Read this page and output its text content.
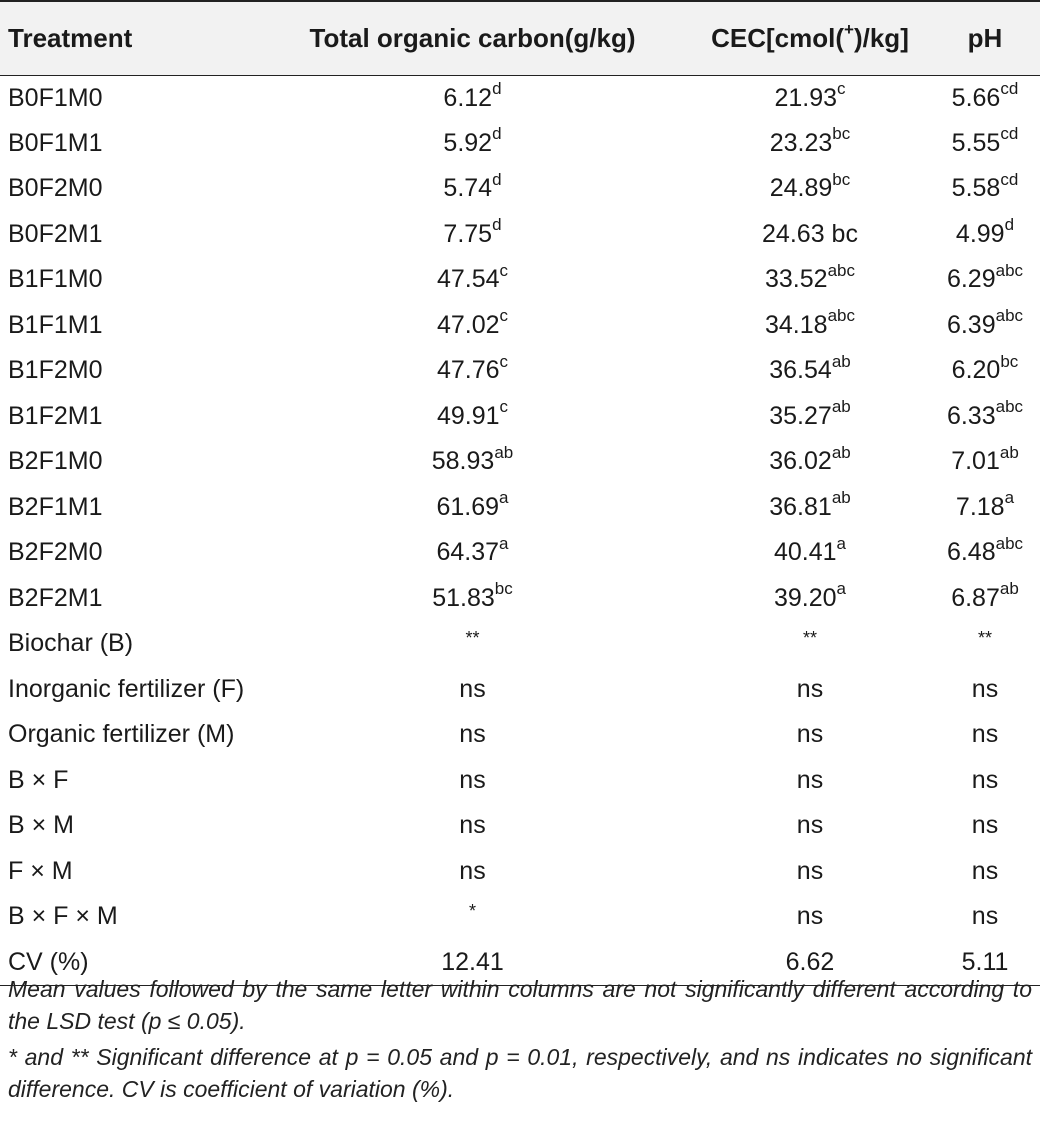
Treatment	Total organic carbon(g/kg)	CEC[cmol(+)/kg]	pH
B0F1M0	6.12$^d$	21.93$^c$	5.66$^{cd}$
B0F1M1	5.92$^d$	23.23$^{bc}$	5.55$^{cd}$
B0F2M0	5.74$^d$	24.89$^{bc}$	5.58$^{cd}$
B0F2M1	7.75$^d$	24.63 bc	4.99$^d$
B1F1M0	47.54$^c$	33.52$^{abc}$	6.29$^{abc}$
B1F1M1	47.02$^c$	34.18$^{abc}$	6.39$^{abc}$
B1F2M0	47.76$^c$	36.54$^{ab}$	6.20$^{bc}$
B1F2M1	49.91$^c$	35.27$^{ab}$	6.33$^{abc}$
B2F1M0	58.93$^{ab}$	36.02$^{ab}$	7.01$^{ab}$
B2F1M1	61.69$^a$	36.81$^{ab}$	7.18$^a$
B2F2M0	64.37$^a$	40.41$^a$	6.48$^{abc}$
B2F2M1	51.83$^{bc}$	39.20$^a$	6.87$^{ab}$
Biochar (B)	**	**	**
Inorganic fertilizer (F)	ns	ns	ns
Organic fertilizer (M)	ns	ns	ns
B × F	ns	ns	ns
B × M	ns	ns	ns
F × M	ns	ns	ns
B × F × M	*	ns	ns
CV (%)	12.41	6.62	5.11

Mean values followed by the same letter within columns are not significantly different according to the LSD test (p ≤ 0.05).

* and ** Significant difference at p = 0.05 and p = 0.01, respectively, and ns indicates no significant difference. CV is coefficient of variation (%).
